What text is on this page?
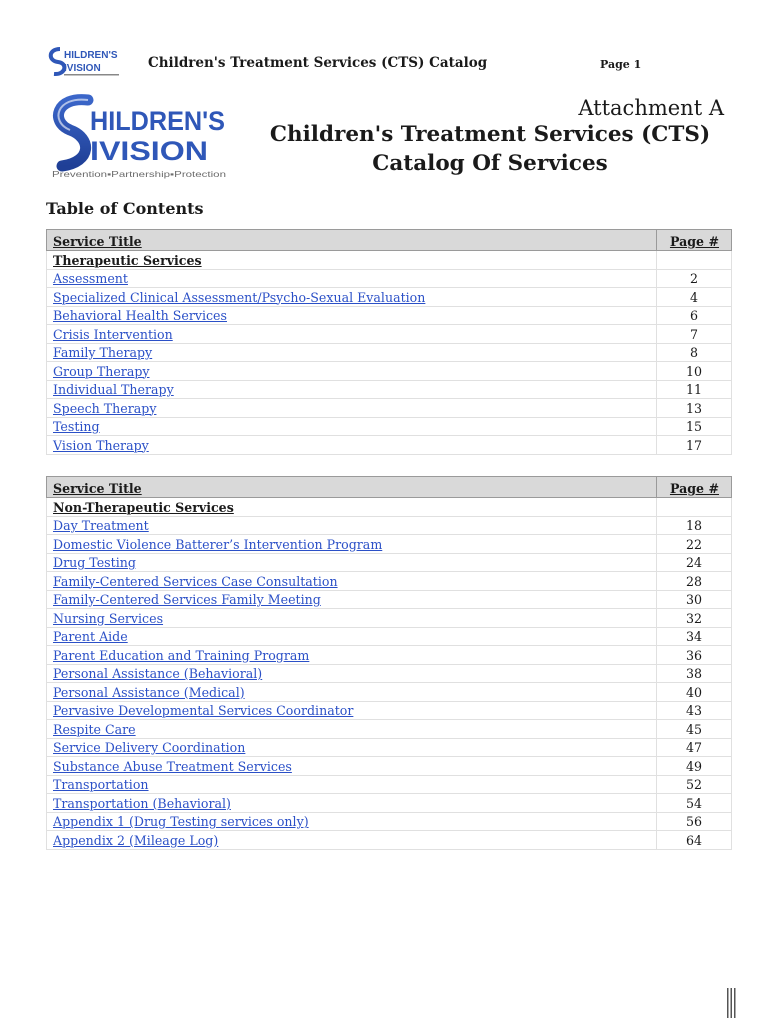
HILDREN'S
IVISION	Children's Treatment Services (CTS) Catalog	Page 1
HILDREN'S
IVISION
Prevention▪Partnership▪Protection
Attachment A
Children's Treatment Services (CTS)
Catalog Of Services
Table of Contents
Service Title	Page #
Therapeutic Services	
Assessment	2
Specialized Clinical Assessment/Psycho-Sexual Evaluation	4
Behavioral Health Services	6
Crisis Intervention	7
Family Therapy	8
Group Therapy	10
Individual Therapy	11
Speech Therapy	13
Testing	15
Vision Therapy	17
Service Title	Page #
Non-Therapeutic Services	
Day Treatment	18
Domestic Violence Batterer’s Intervention Program	22
Drug Testing	24
Family-Centered Services Case Consultation	28
Family-Centered Services Family Meeting	30
Nursing Services	32
Parent Aide	34
Parent Education and Training Program	36
Personal Assistance (Behavioral)	38
Personal Assistance (Medical)	40
Pervasive Developmental Services Coordinator	43
Respite Care	45
Service Delivery Coordination	47
Substance Abuse Treatment Services	49
Transportation	52
Transportation (Behavioral)	54
Appendix 1 (Drug Testing services only)	56
Appendix 2 (Mileage Log)	64
